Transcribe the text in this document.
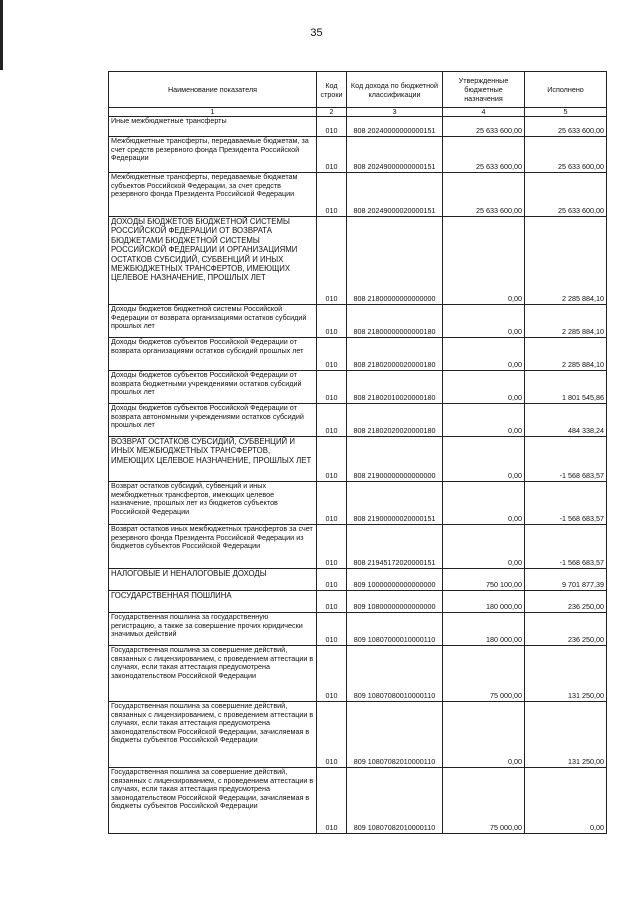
35
Наименование показателя	Код строки	Код дохода по бюджетной классификации	Утвержденные бюджетные назначения	Исполнено
1	2	3	4	5
Иные межбюджетные трансферты	010	808 20240000000000151	25 633 600,00	25 633 600,00
Межбюджетные трансферты, передаваемые бюджетам, за счет средств резервного фонда Президента Российской Федерации	010	808 20249000000000151	25 633 600,00	25 633 600,00
Межбюджетные трансферты, передаваемые бюджетам субъектов Российской Федерации, за счет средств резервного фонда Президента Российской Федерации	010	808 20249000020000151	25 633 600,00	25 633 600,00
ДОХОДЫ БЮДЖЕТОВ БЮДЖЕТНОЙ СИСТЕМЫ РОССИЙСКОЙ ФЕДЕРАЦИИ ОТ ВОЗВРАТА БЮДЖЕТАМИ БЮДЖЕТНОЙ СИСТЕМЫ РОССИЙСКОЙ ФЕДЕРАЦИИ И ОРГАНИЗАЦИЯМИ ОСТАТКОВ СУБСИДИЙ, СУБВЕНЦИЙ И ИНЫХ МЕЖБЮДЖЕТНЫХ ТРАНСФЕРТОВ, ИМЕЮЩИХ ЦЕЛЕВОЕ НАЗНАЧЕНИЕ, ПРОШЛЫХ ЛЕТ	010	808 21800000000000000	0,00	2 285 884,10
Доходы бюджетов бюджетной системы Российской Федерации от возврата организациями остатков субсидий прошлых лет	010	808 21800000000000180	0,00	2 285 884,10
Доходы бюджетов субъектов Российской Федерации от возврата организациями остатков субсидий прошлых лет	010	808 21802000020000180	0,00	2 285 884,10
Доходы бюджетов субъектов Российской Федерации от возврата бюджетными учреждениями остатков субсидий прошлых лет	010	808 21802010020000180	0,00	1 801 545,86
Доходы бюджетов субъектов Российской Федерации от возврата автономными учреждениями остатков субсидий прошлых лет	010	808 21802020020000180	0,00	484 338,24
ВОЗВРАТ ОСТАТКОВ СУБСИДИЙ, СУБВЕНЦИЙ И ИНЫХ МЕЖБЮДЖЕТНЫХ ТРАНСФЕРТОВ, ИМЕЮЩИХ ЦЕЛЕВОЕ НАЗНАЧЕНИЕ, ПРОШЛЫХ ЛЕТ	010	808 21900000000000000	0,00	-1 568 683,57
Возврат остатков субсидий, субвенций и иных межбюджетных трансфертов, имеющих целевое назначение, прошлых лет из бюджетов субъектов Российской Федерации	010	808 21900000020000151	0,00	-1 568 683,57
Возврат остатков иных межбюджетных трансфертов за счет резервного фонда Президента Российской Федерации из бюджетов субъектов Российской Федерации	010	808 21945172020000151	0,00	-1 568 683,57
НАЛОГОВЫЕ И НЕНАЛОГОВЫЕ ДОХОДЫ	010	809 10000000000000000	750 100,00	9 701 877,39
ГОСУДАРСТВЕННАЯ ПОШЛИНА	010	809 10800000000000000	180 000,00	236 250,00
Государственная пошлина за государственную регистрацию, а также за совершение прочих юридически значимых действий	010	809 10807000010000110	180 000,00	236 250,00
Государственная пошлина за совершение действий, связанных с лицензированием, с проведением аттестации в случаях, если такая аттестация предусмотрена законодательством Российской Федерации	010	809 10807080010000110	75 000,00	131 250,00
Государственная пошлина за совершение действий, связанных с лицензированием, с проведением аттестации в случаях, если такая аттестация предусмотрена законодательством Российской Федерации, зачисляемая в бюджеты субъектов Российской Федерации	010	809 10807082010000110	0,00	131 250,00
Государственная пошлина за совершение действий, связанных с лицензированием, с проведением аттестации в случаях, если такая аттестация предусмотрена законодательством Российской Федерации, зачисляемая в бюджеты субъектов Российской Федерации	010	809 10807082010000110	75 000,00	0,00
